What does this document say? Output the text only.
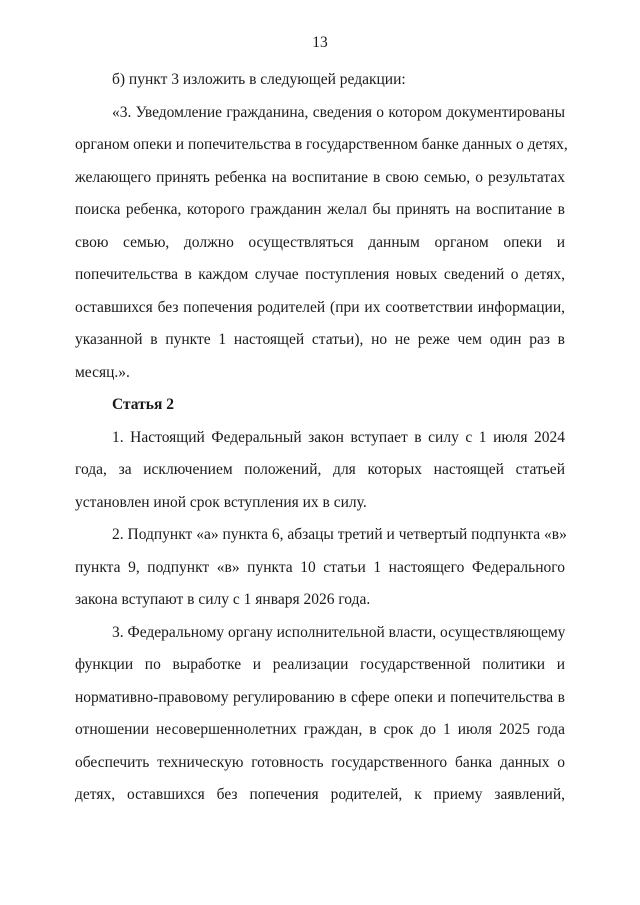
13
б) пункт 3 изложить в следующей редакции:
«3. Уведомление гражданина, сведения о котором документированы
органом опеки и попечительства в государственном банке данных о детях,
желающего принять ребенка на воспитание в свою семью, о результатах
поиска ребенка, которого гражданин желал бы принять на воспитание в
свою семью, должно осуществляться данным органом опеки и
попечительства в каждом случае поступления новых сведений о детях,
оставшихся без попечения родителей (при их соответствии информации,
указанной в пункте 1 настоящей статьи), но не реже чем один раз в
месяц.».
Статья 2
1. Настоящий Федеральный закон вступает в силу с 1 июля 2024
года, за исключением положений, для которых настоящей статьей
установлен иной срок вступления их в силу.
2. Подпункт «а» пункта 6, абзацы третий и четвертый подпункта «в»
пункта 9, подпункт «в» пункта 10 статьи 1 настоящего Федерального
закона вступают в силу с 1 января 2026 года.
3. Федеральному органу исполнительной власти, осуществляющему
функции по выработке и реализации государственной политики и
нормативно-правовому регулированию в сфере опеки и попечительства в
отношении несовершеннолетних граждан, в срок до 1 июля 2025 года
обеспечить техническую готовность государственного банка данных о
детях, оставшихся без попечения родителей, к приему заявлений,
